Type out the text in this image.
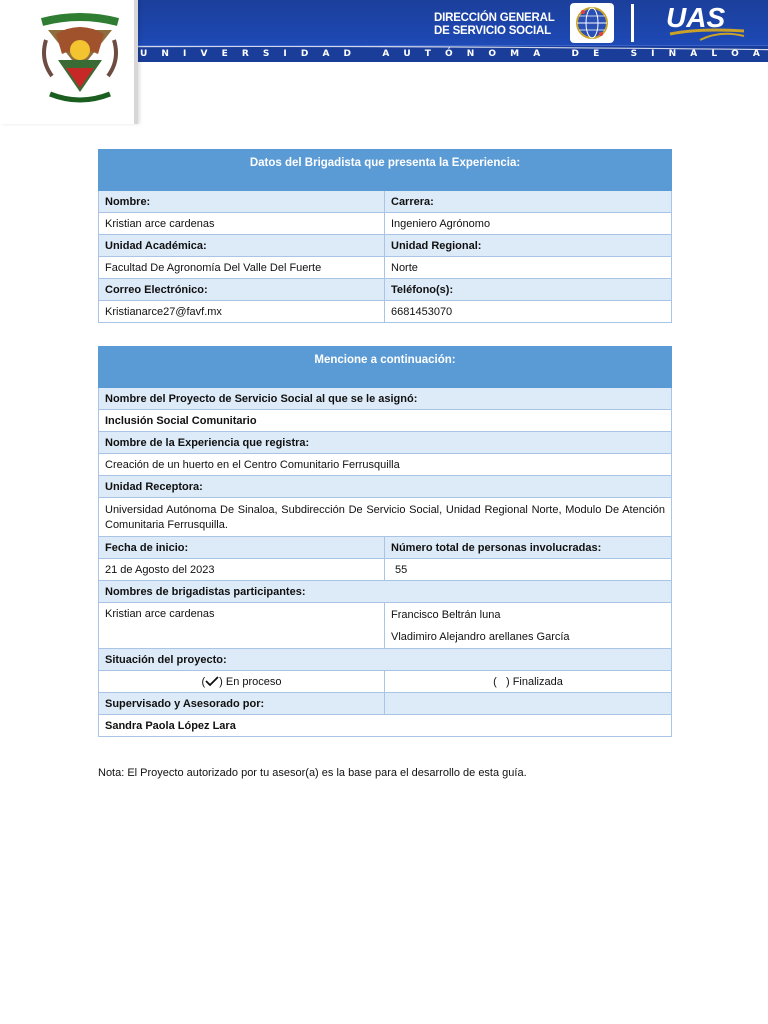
U N I V E R S I D A D
	A U T Ó N O M A
	D E
	S I N A L O A
DIRECCIÓN GENERAL
DE SERVICIO SOCIAL	UAS
Datos del Brigadista que presenta la Experiencia:	
Nombre:	Carrera:
Kristian arce cardenas	Ingeniero Agrónomo
Unidad Académica:	Unidad Regional:
Facultad De Agronomía Del Valle Del Fuerte	Norte
Correo Electrónico:	Teléfono(s):
Kristianarce27@favf.mx	6681453070
Mencione a continuación:	
Nombre del Proyecto de Servicio Social al que se le asignó:	
Inclusión Social Comunitario	
Nombre de la Experiencia que registra:	
Creación de un huerto en el Centro Comunitario Ferrusquilla	
Unidad Receptora:	
Universidad Autónoma De Sinaloa, Subdirección De Servicio Social, Unidad Regional Norte, Modulo De Atención Comunitaria Ferrusquilla.	
Fecha de inicio:	Número total de personas involucradas:
21 de Agosto del 2023	55
Nombres de brigadistas participantes:	

Kristian arce cardenas	Francisco Beltrán luna
Vladimiro Alejandro arellanes García

Situación del proyecto:	
( ) En proceso	(   ) Finalizada
Supervisado y Asesorado por:	
Sandra Paola López Lara	
Nota: El Proyecto autorizado por tu asesor(a) es la base para el desarrollo de esta guía.
